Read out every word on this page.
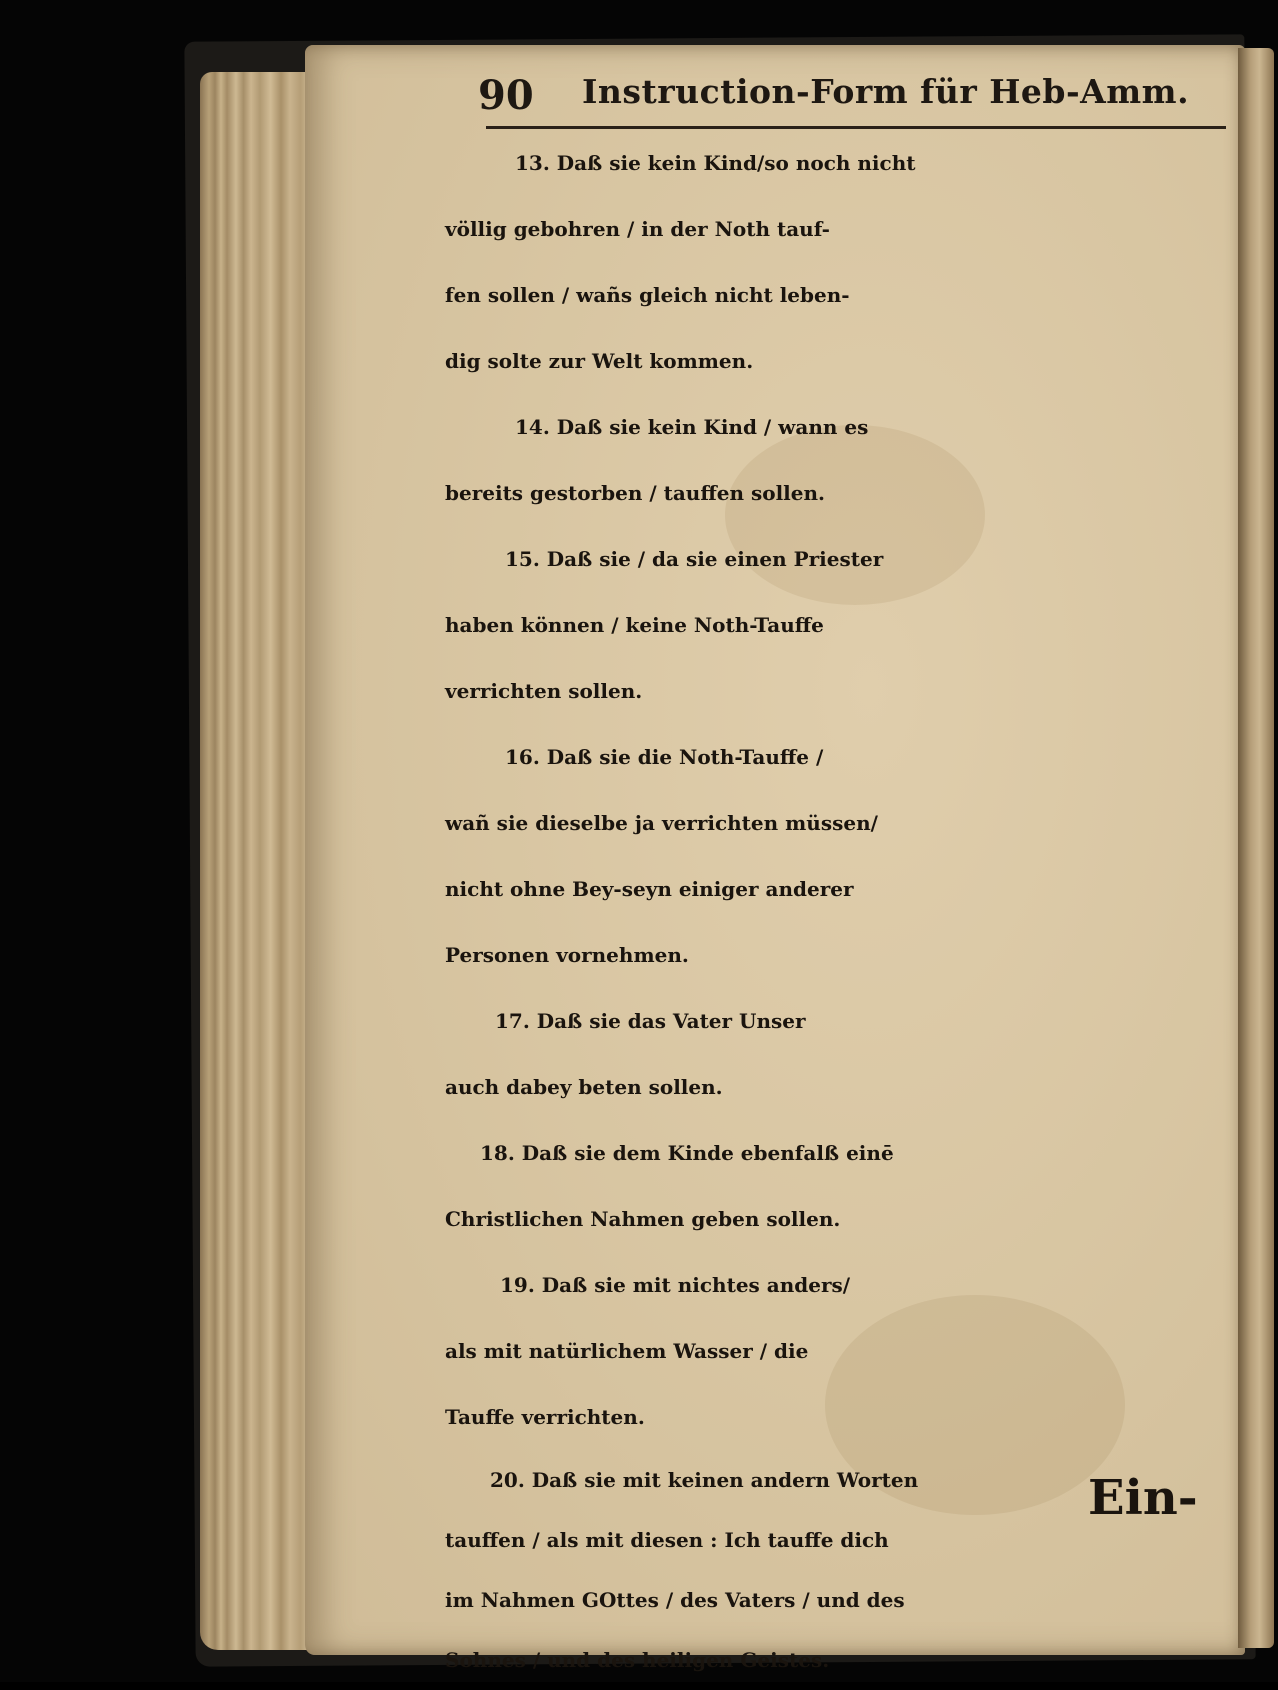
90 Instruction-Form für Heb-Amm.
13. Daß sie kein Kind/so noch nicht
völlig gebohren / in der Noth tauf-
fen sollen / wañs gleich nicht leben-
dig solte zur Welt kommen.
14. Daß sie kein Kind / wann es
bereits gestorben / tauffen sollen.
15. Daß sie / da sie einen Priester
haben können / keine Noth-Tauffe
verrichten sollen.
16. Daß sie die Noth-Tauffe /
wañ sie dieselbe ja verrichten müssen/
nicht ohne Bey-seyn einiger anderer
Personen vornehmen.
17. Daß sie das Vater Unser
auch dabey beten sollen.
18. Daß sie dem Kinde ebenfalß einē
Christlichen Nahmen geben sollen.
19. Daß sie mit nichtes anders/
als mit natürlichem Wasser / die
Tauffe verrichten.
20. Daß sie mit keinen andern Worten
tauffen / als mit diesen : Ich tauffe dich
im Nahmen GOttes / des Vaters / und des
Sohnes / und des heiligen Geistes.
Ein-
